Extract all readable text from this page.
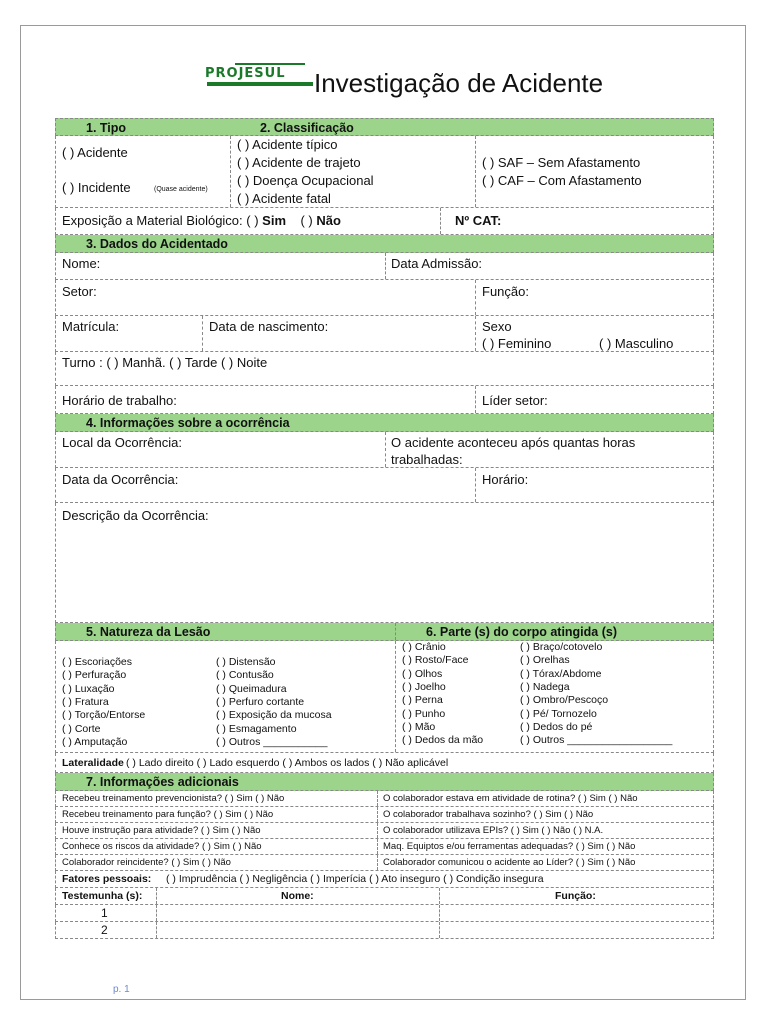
PROJESUL Investigação de Acidente
1. Tipo	2. Classificação
( ) Acidente
( ) Incidente	(Quase acidente)
( ) Acidente típico
( ) Acidente de trajeto
( ) Doença Ocupacional
( ) Acidente fatal
( ) SAF – Sem Afastamento
( ) CAF – Com Afastamento
Exposição a Material Biológico: ( ) Sim ( ) Não	Nº CAT:
3. Dados do Acidentado
Nome:	Data Admissão:
Setor:	Função:
Matrícula:	Data de nascimento:	Sexo
( ) Feminino	( ) Masculino
Turno : ( ) Manhã. ( ) Tarde ( ) Noite
Horário de trabalho:	Líder setor:
4. Informações sobre a ocorrência
Local da Ocorrência:	O acidente aconteceu após quantas horas
trabalhadas:
Data da Ocorrência:	Horário:
Descrição da Ocorrência:
5. Natureza da Lesão	6. Parte (s) do corpo atingida (s)
( ) Escoriações
( ) Perfuração
( ) Luxação
( ) Fratura
( ) Torção/Entorse
( ) Corte
( ) Amputação
( ) Distensão
( ) Contusão
( ) Queimadura
( ) Perfuro cortante
( ) Exposição da mucosa
( ) Esmagamento
( ) Outros ___________
( ) Crânio
( ) Rosto/Face
( ) Olhos
( ) Joelho
( ) Perna
( ) Punho
( ) Mão
( ) Dedos da mão
( ) Braço/cotovelo
( ) Orelhas
( ) Tórax/Abdome
( ) Nadega
( ) Ombro/Pescoço
( ) Pé/ Tornozelo
( ) Dedos do pé
( ) Outros __________________
Lateralidade ( ) Lado direito ( ) Lado esquerdo ( ) Ambos os lados ( ) Não aplicável
7. Informações adicionais
Recebeu treinamento prevencionista? ( ) Sim ( ) Não	O colaborador estava em atividade de rotina? ( ) Sim ( ) Não
Recebeu treinamento para função? ( ) Sim ( ) Não	O colaborador trabalhava sozinho? ( ) Sim ( ) Não
Houve instrução para atividade? ( ) Sim ( ) Não	O colaborador utilizava EPIs? ( ) Sim ( ) Não ( ) N.A.
Conhece os riscos da atividade? ( ) Sim ( ) Não	Maq. Equiptos e/ou ferramentas adequadas? ( ) Sim ( ) Não
Colaborador reincidente? ( ) Sim ( ) Não	Colaborador comunicou o acidente ao Líder? ( ) Sim ( ) Não
Fatores pessoais: ( ) Imprudência ( ) Negligência ( ) Imperícia ( ) Ato inseguro ( ) Condição insegura
Testemunha (s):	Nome:	Função:
1
2
p. 1
